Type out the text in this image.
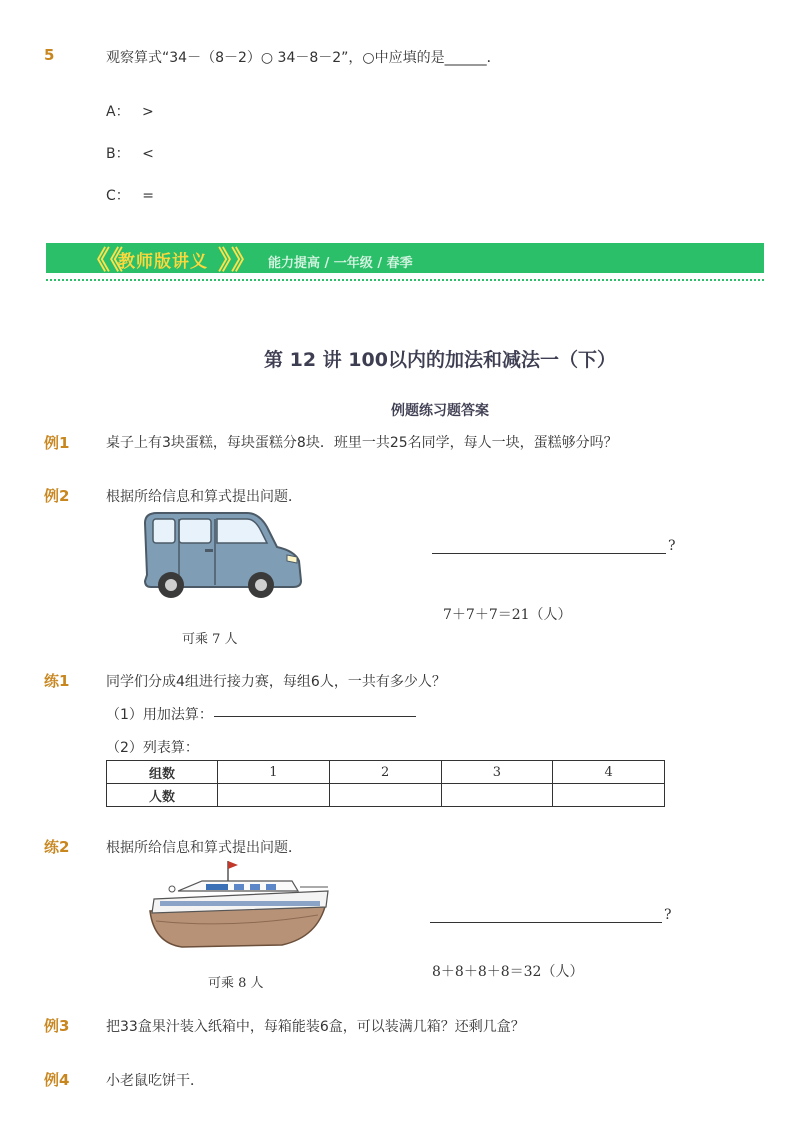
5	观察算式“34－（8－2）○ 34－8－2”，○中应填的是______．
A： >
B： <
C： =
《《
教师版讲义 》》 能力提高 / 一年级 / 春季
第 12 讲 100以内的加法和减法一（下）
例题练习题答案
例1	桌子上有3块蛋糕，每块蛋糕分8块．班里一共25名同学，每人一块，蛋糕够分吗？
例2	根据所给信息和算式提出问题．
可乘 7 人
?
7＋7＋7＝21（人）
练1	同学们分成4组进行接力赛，每组6人，一共有多少人？
（1）用加法算：
（2）列表算：
组数	1	2	3	4
人数				
练2	根据所给信息和算式提出问题．
可乘 8 人
?
8＋8＋8＋8＝32（人）
例3	把33盒果汁装入纸箱中，每箱能装6盒，可以装满几箱？还剩几盒？
例4	小老鼠吃饼干．
